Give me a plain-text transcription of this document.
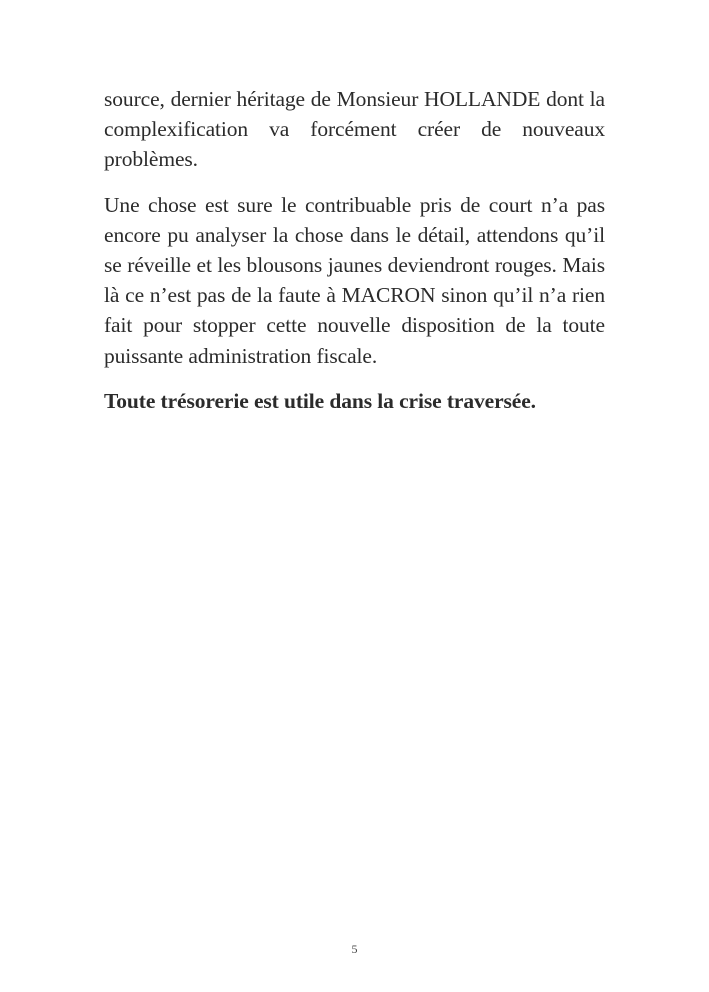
source, dernier héritage de Monsieur HOLLANDE dont la complexification va forcément créer de nouveaux problèmes.

Une chose est sure le contribuable pris de court n’a pas encore pu analyser la chose dans le détail, attendons qu’il se réveille et les blousons jaunes deviendront rouges. Mais là ce n’est pas de la faute à MACRON sinon qu’il n’a rien fait pour stopper cette nouvelle disposition de la toute puissante administration fiscale.

Toute trésorerie est utile dans la crise traversée.

5
